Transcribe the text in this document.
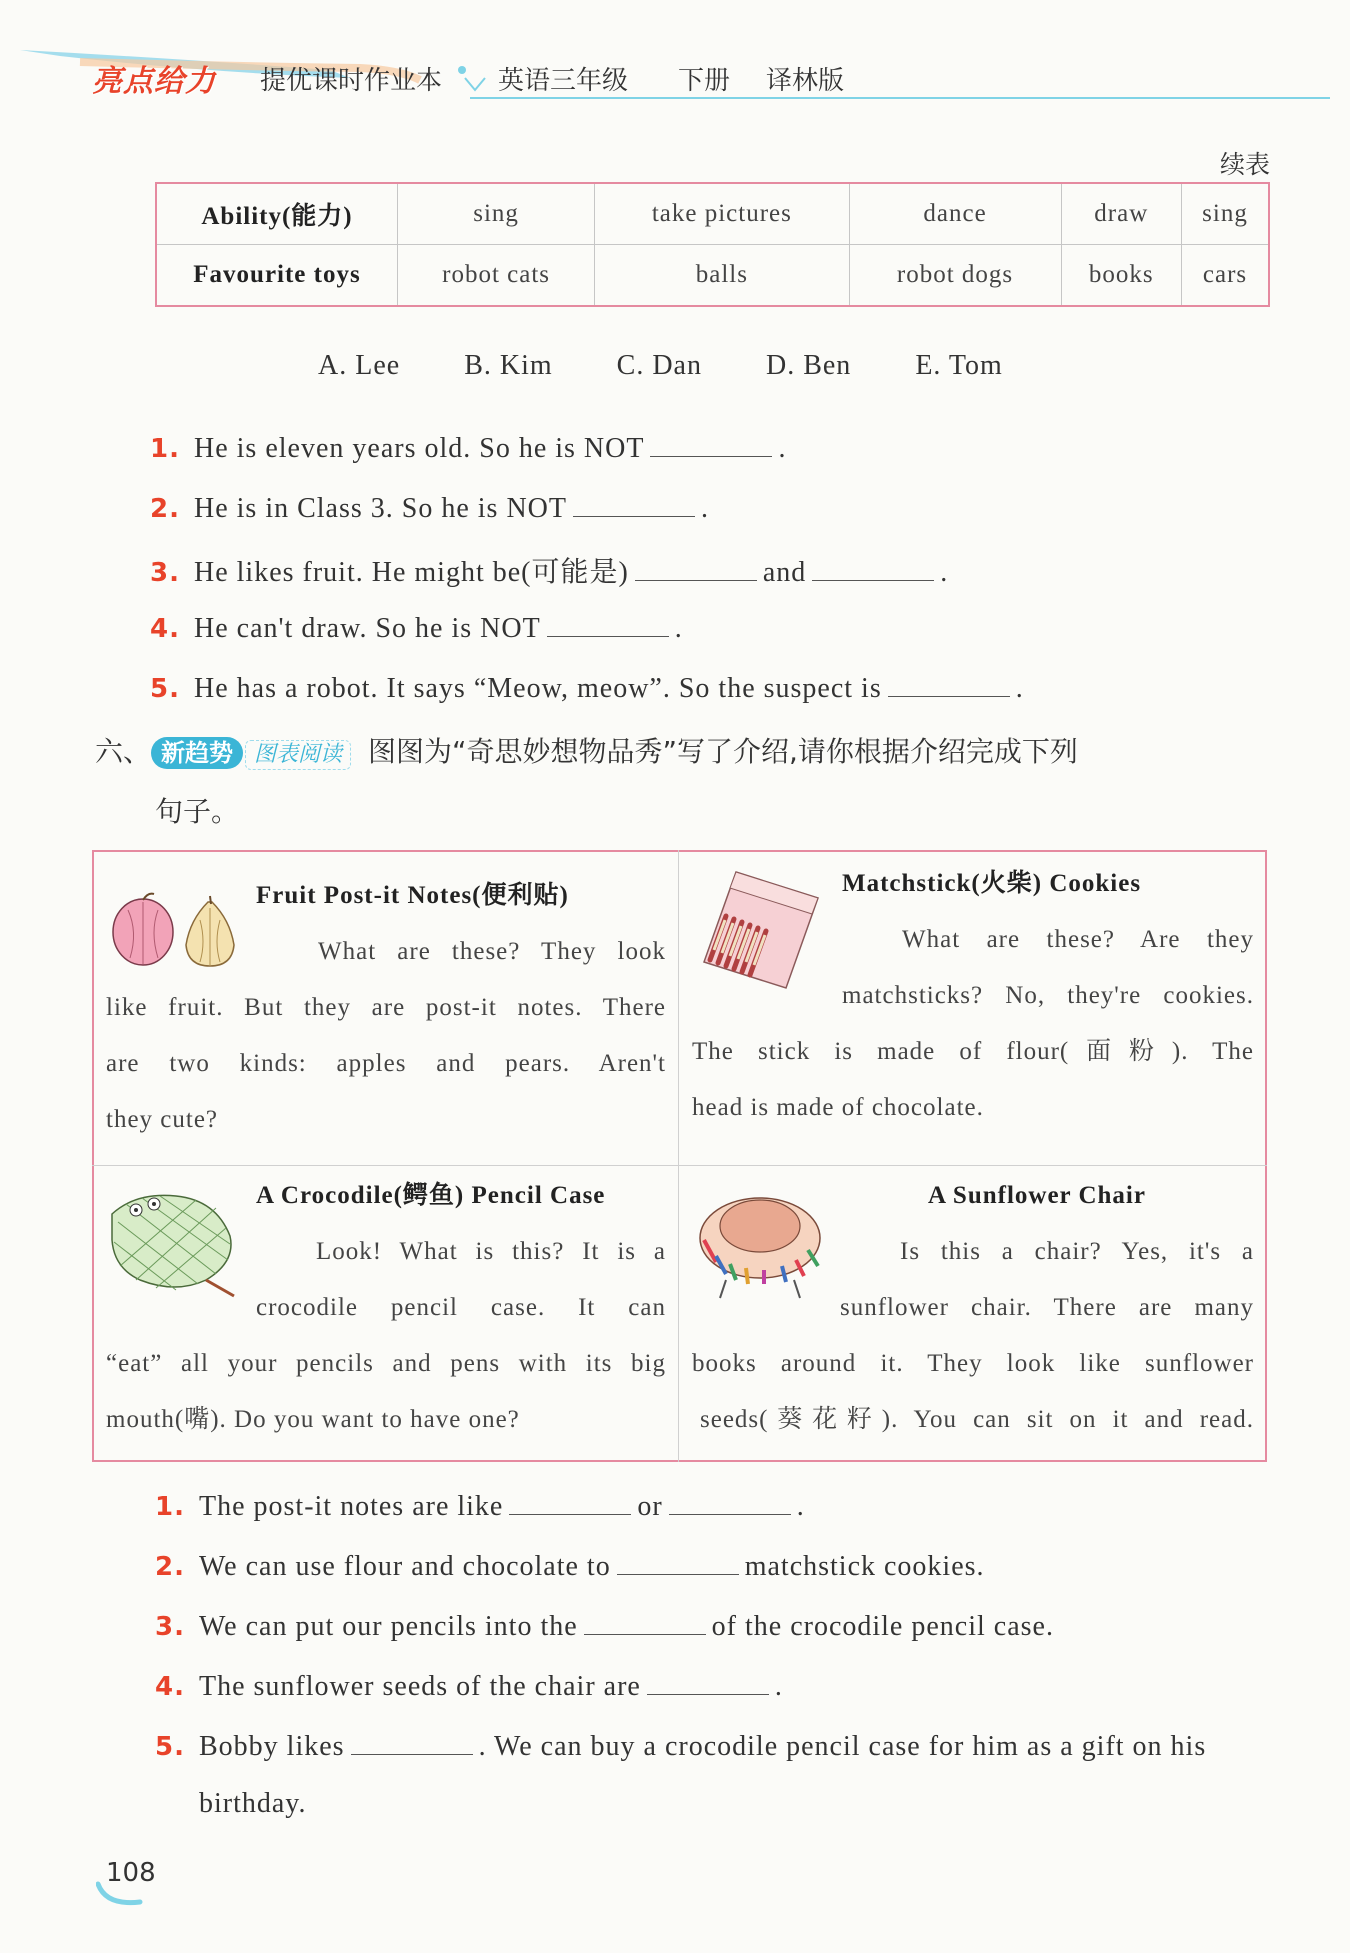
亮点给力 提优课时作业本 英语三年级 下册 译林版
续表
Ability(能力)	sing	take pictures	dance	draw	sing
Favourite toys	robot cats	balls	robot dogs	books	cars
A. Lee B. Kim C. Dan D. Ben E. Tom
1. He is eleven years old. So he is NOT	.
2. He is in Class 3. So he is NOT	.
3. He likes fruit. He might be(可能是)	and	.
4. He can't draw. So he is NOT	.
5. He has a robot. It says “Meow, meow”. So the suspect is	.
六、 新趋势 图表阅读 图图为“奇思妙想物品秀”写了介绍,请你根据介绍完成下列
句子。
Fruit Post-it Notes(便利贴)
What are these? They look
like fruit. But they are post-it notes. There
are two kinds: apples and pears. Aren't
they cute?
Matchstick(火柴) Cookies
What are these? Are they
matchsticks? No, they're cookies.
The stick is made of flour(面粉). The
head is made of chocolate.
A Crocodile(鳄鱼) Pencil Case
Look! What is this? It is a
crocodile pencil case. It can
“eat” all your pencils and pens with its big
mouth(嘴). Do you want to have one?
A Sunflower Chair
Is this a chair? Yes, it's a
sunflower chair. There are many
books around it. They look like sunflower
seeds(葵花籽). You can sit on it and read.
1. The post-it notes are like	or	.
2. We can use flour and chocolate to	matchstick cookies.
3. We can put our pencils into the	of the crocodile pencil case.
4. The sunflower seeds of the chair are	.
5. Bobby likes	. We can buy a crocodile pencil case for him as a gift on his
birthday.
108
